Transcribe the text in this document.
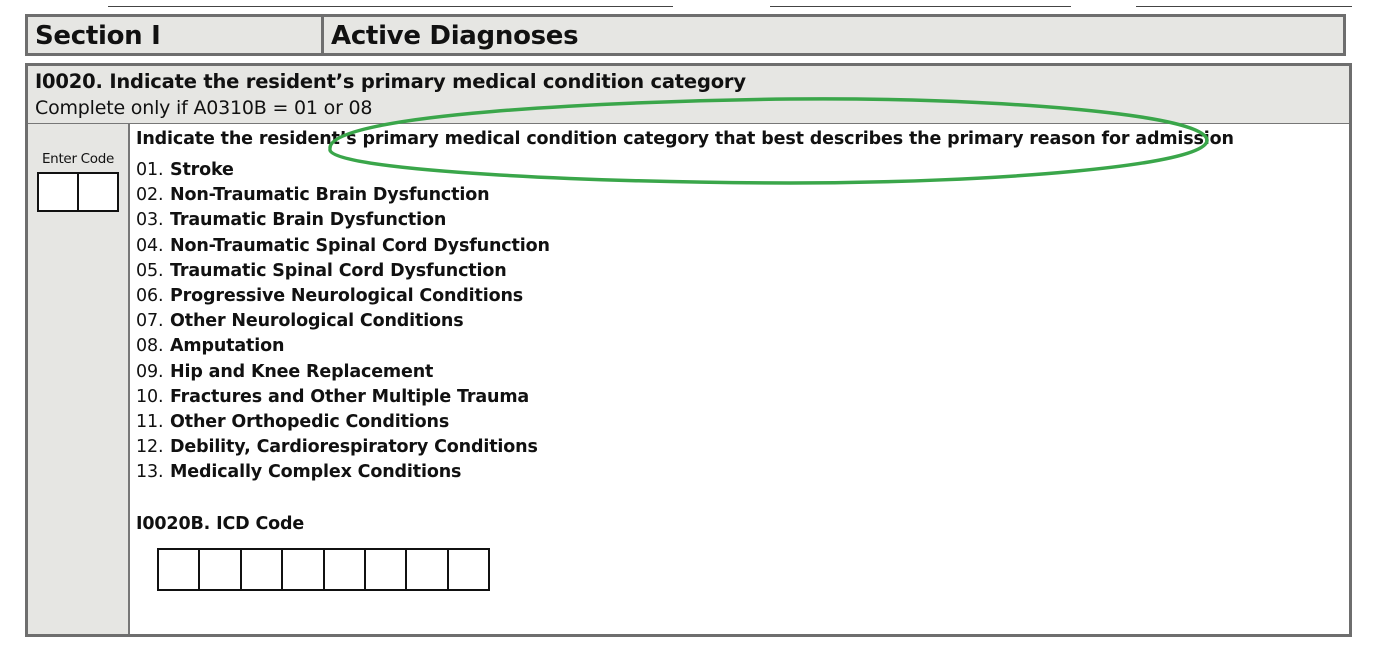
Section I	Active Diagnoses
I0020. Indicate the resident’s primary medical condition category
Complete only if A0310B = 01 or 08
Enter Code
Indicate the resident’s primary medical condition category that best describes the primary reason for admission
01. Stroke
02. Non-Traumatic Brain Dysfunction
03. Traumatic Brain Dysfunction
04. Non-Traumatic Spinal Cord Dysfunction
05. Traumatic Spinal Cord Dysfunction
06. Progressive Neurological Conditions
07. Other Neurological Conditions
08. Amputation
09. Hip and Knee Replacement
10. Fractures and Other Multiple Trauma
11. Other Orthopedic Conditions
12. Debility, Cardiorespiratory Conditions
13. Medically Complex Conditions
I0020B. ICD Code
